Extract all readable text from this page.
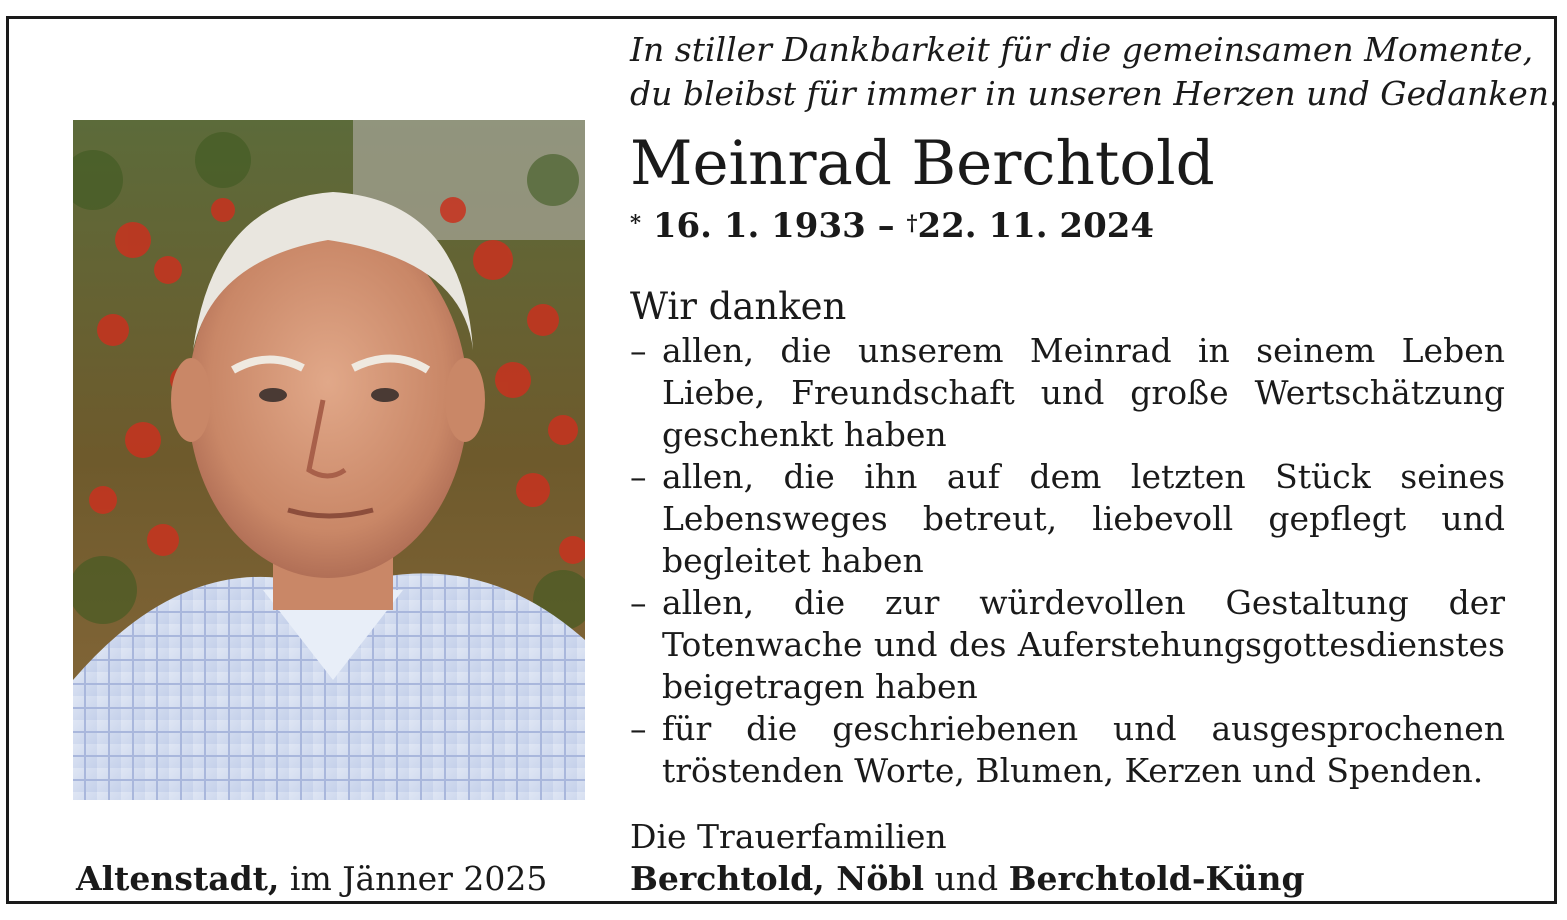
In stiller Dankbarkeit für die gemeinsamen Momente,
du bleibst für immer in unseren Herzen und Gedanken.
Meinrad Berchtold
* 16. 1. 1933 – †22. 11. 2024
Wir danken
– allen, die unserem Meinrad in seinem Leben Liebe, Freundschaft und große Wertschätzung geschenkt haben
– allen, die ihn auf dem letzten Stück seines Lebensweges betreut, liebevoll gepflegt und begleitet haben
– allen, die zur würdevollen Gestaltung der Totenwache und des Auferstehungsgottesdienstes beigetragen haben
– für die geschriebenen und ausgesprochenen tröstenden Worte, Blumen, Kerzen und Spenden.
Die Trauerfamilien
Berchtold, Nöbl und Berchtold-Küng
Altenstadt, im Jänner 2025
